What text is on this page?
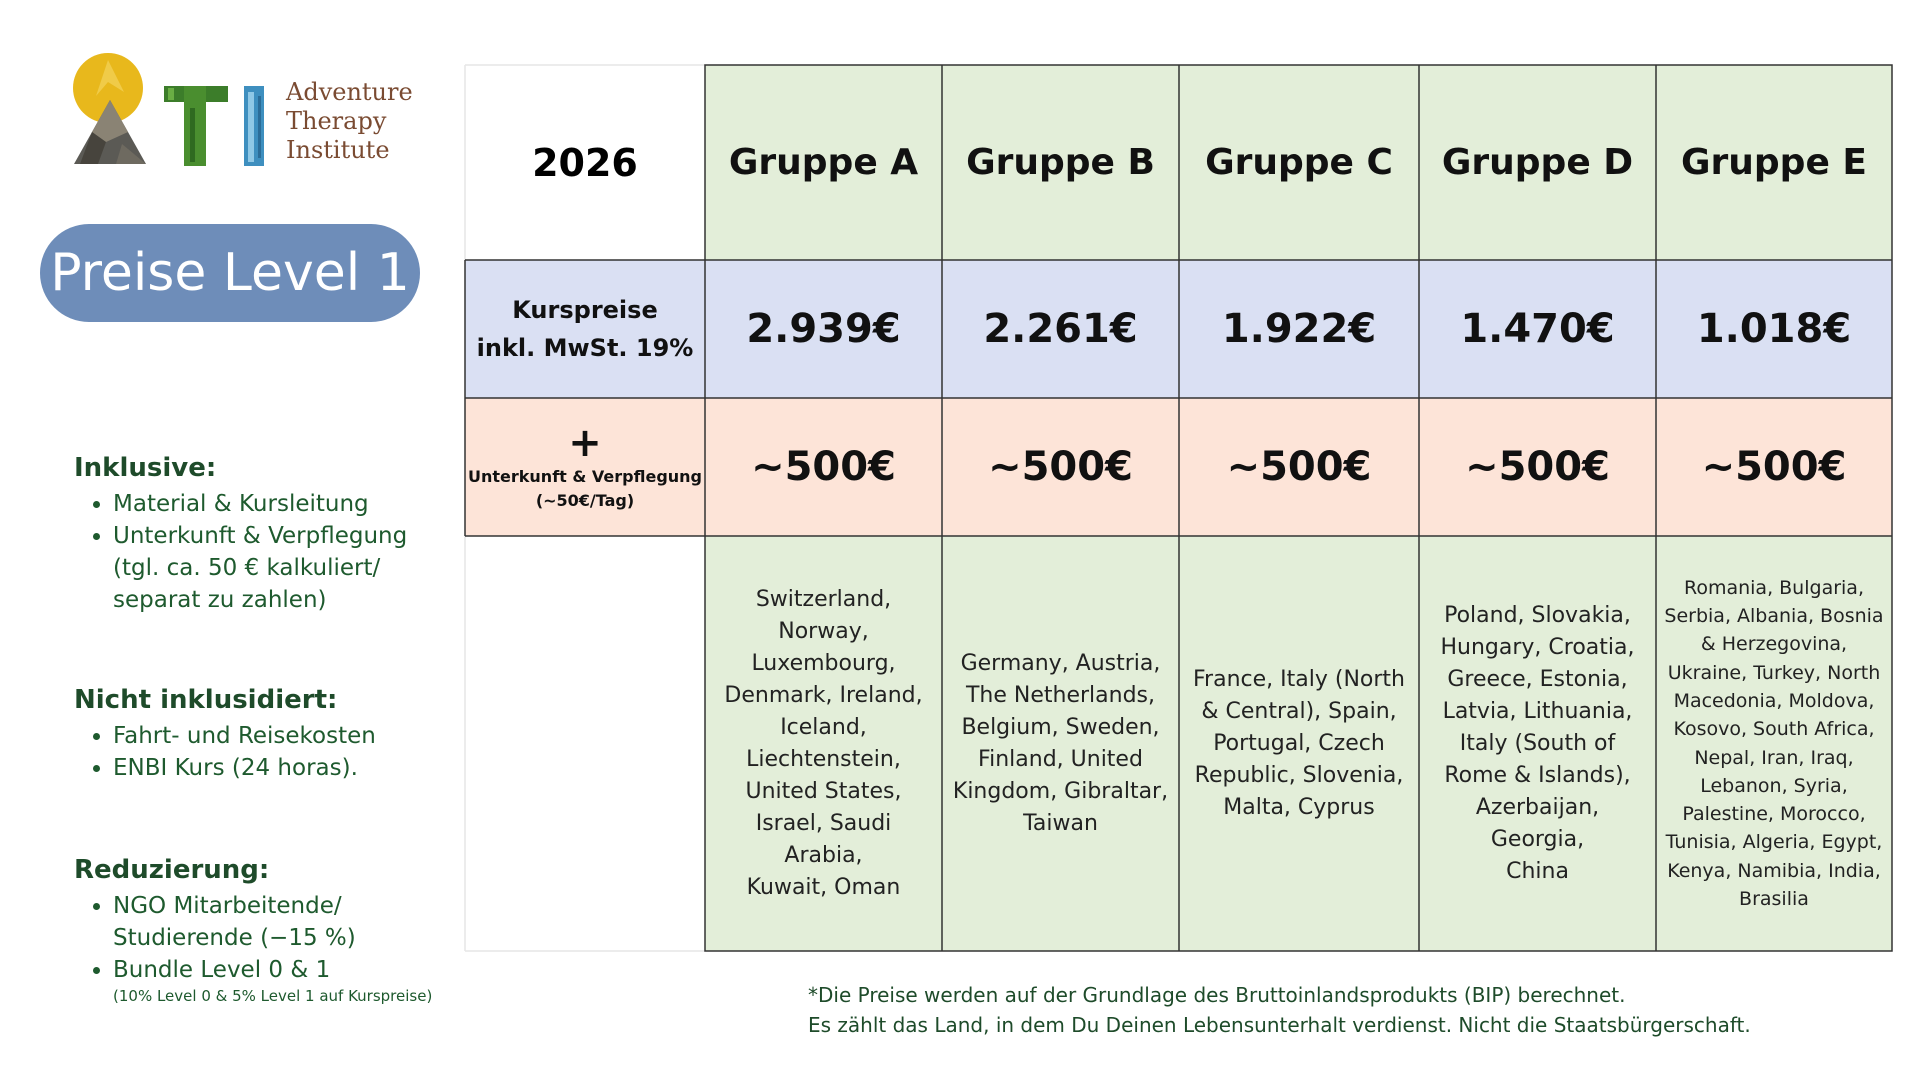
Adventure
Therapy
Institute
Preise Level 1
Inklusive:
• Material & Kursleitung
• Unterkunft & Verpflegung
(tgl. ca. 50 € kalkuliert/
separat zu zahlen)
Nicht inklusidiert:
• Fahrt- und Reisekosten
• ENBI Kurs (24 horas).
Reduzierung:
• NGO Mitarbeitende/
Studierende (−15 %)
• Bundle Level 0 & 1
(10% Level 0 & 5% Level 1 auf Kurspreise)
2026	Gruppe A Gruppe B Gruppe C Gruppe D Gruppe E
Kurspreise
inkl. MwSt. 19% 2.939€ 2.261€ 1.922€ 1.470€ 1.018€
+
Unterkunft & Verpflegung
(~50€/Tag)
~500€ ~500€ ~500€ ~500€ ~500€
Switzerland,
Norway,
Luxembourg,
Denmark, Ireland,
Iceland,
Liechtenstein,
United States,
Israel, Saudi Arabia,
Kuwait, Oman
Germany, Austria,
The Netherlands,
Belgium, Sweden,
Finland, United
Kingdom, Gibraltar,
Taiwan
France, Italy (North
& Central), Spain,
Portugal, Czech
Republic, Slovenia,
Malta, Cyprus
Poland, Slovakia,
Hungary, Croatia,
Greece, Estonia,
Latvia, Lithuania,
Italy (South of
Rome & Islands),
Azerbaijan, Georgia,
China
Romania, Bulgaria,
Serbia, Albania, Bosnia
& Herzegovina,
Ukraine, Turkey, North
Macedonia, Moldova,
Kosovo, South Africa,
Nepal, Iran, Iraq,
Lebanon, Syria,
Palestine, Morocco,
Tunisia, Algeria, Egypt,
Kenya, Namibia, India,
Brasilia
*Die Preise werden auf der Grundlage des Bruttoinlandsprodukts (BIP) berechnet.
Es zählt das Land, in dem Du Deinen Lebensunterhalt verdienst. Nicht die Staatsbürgerschaft.
